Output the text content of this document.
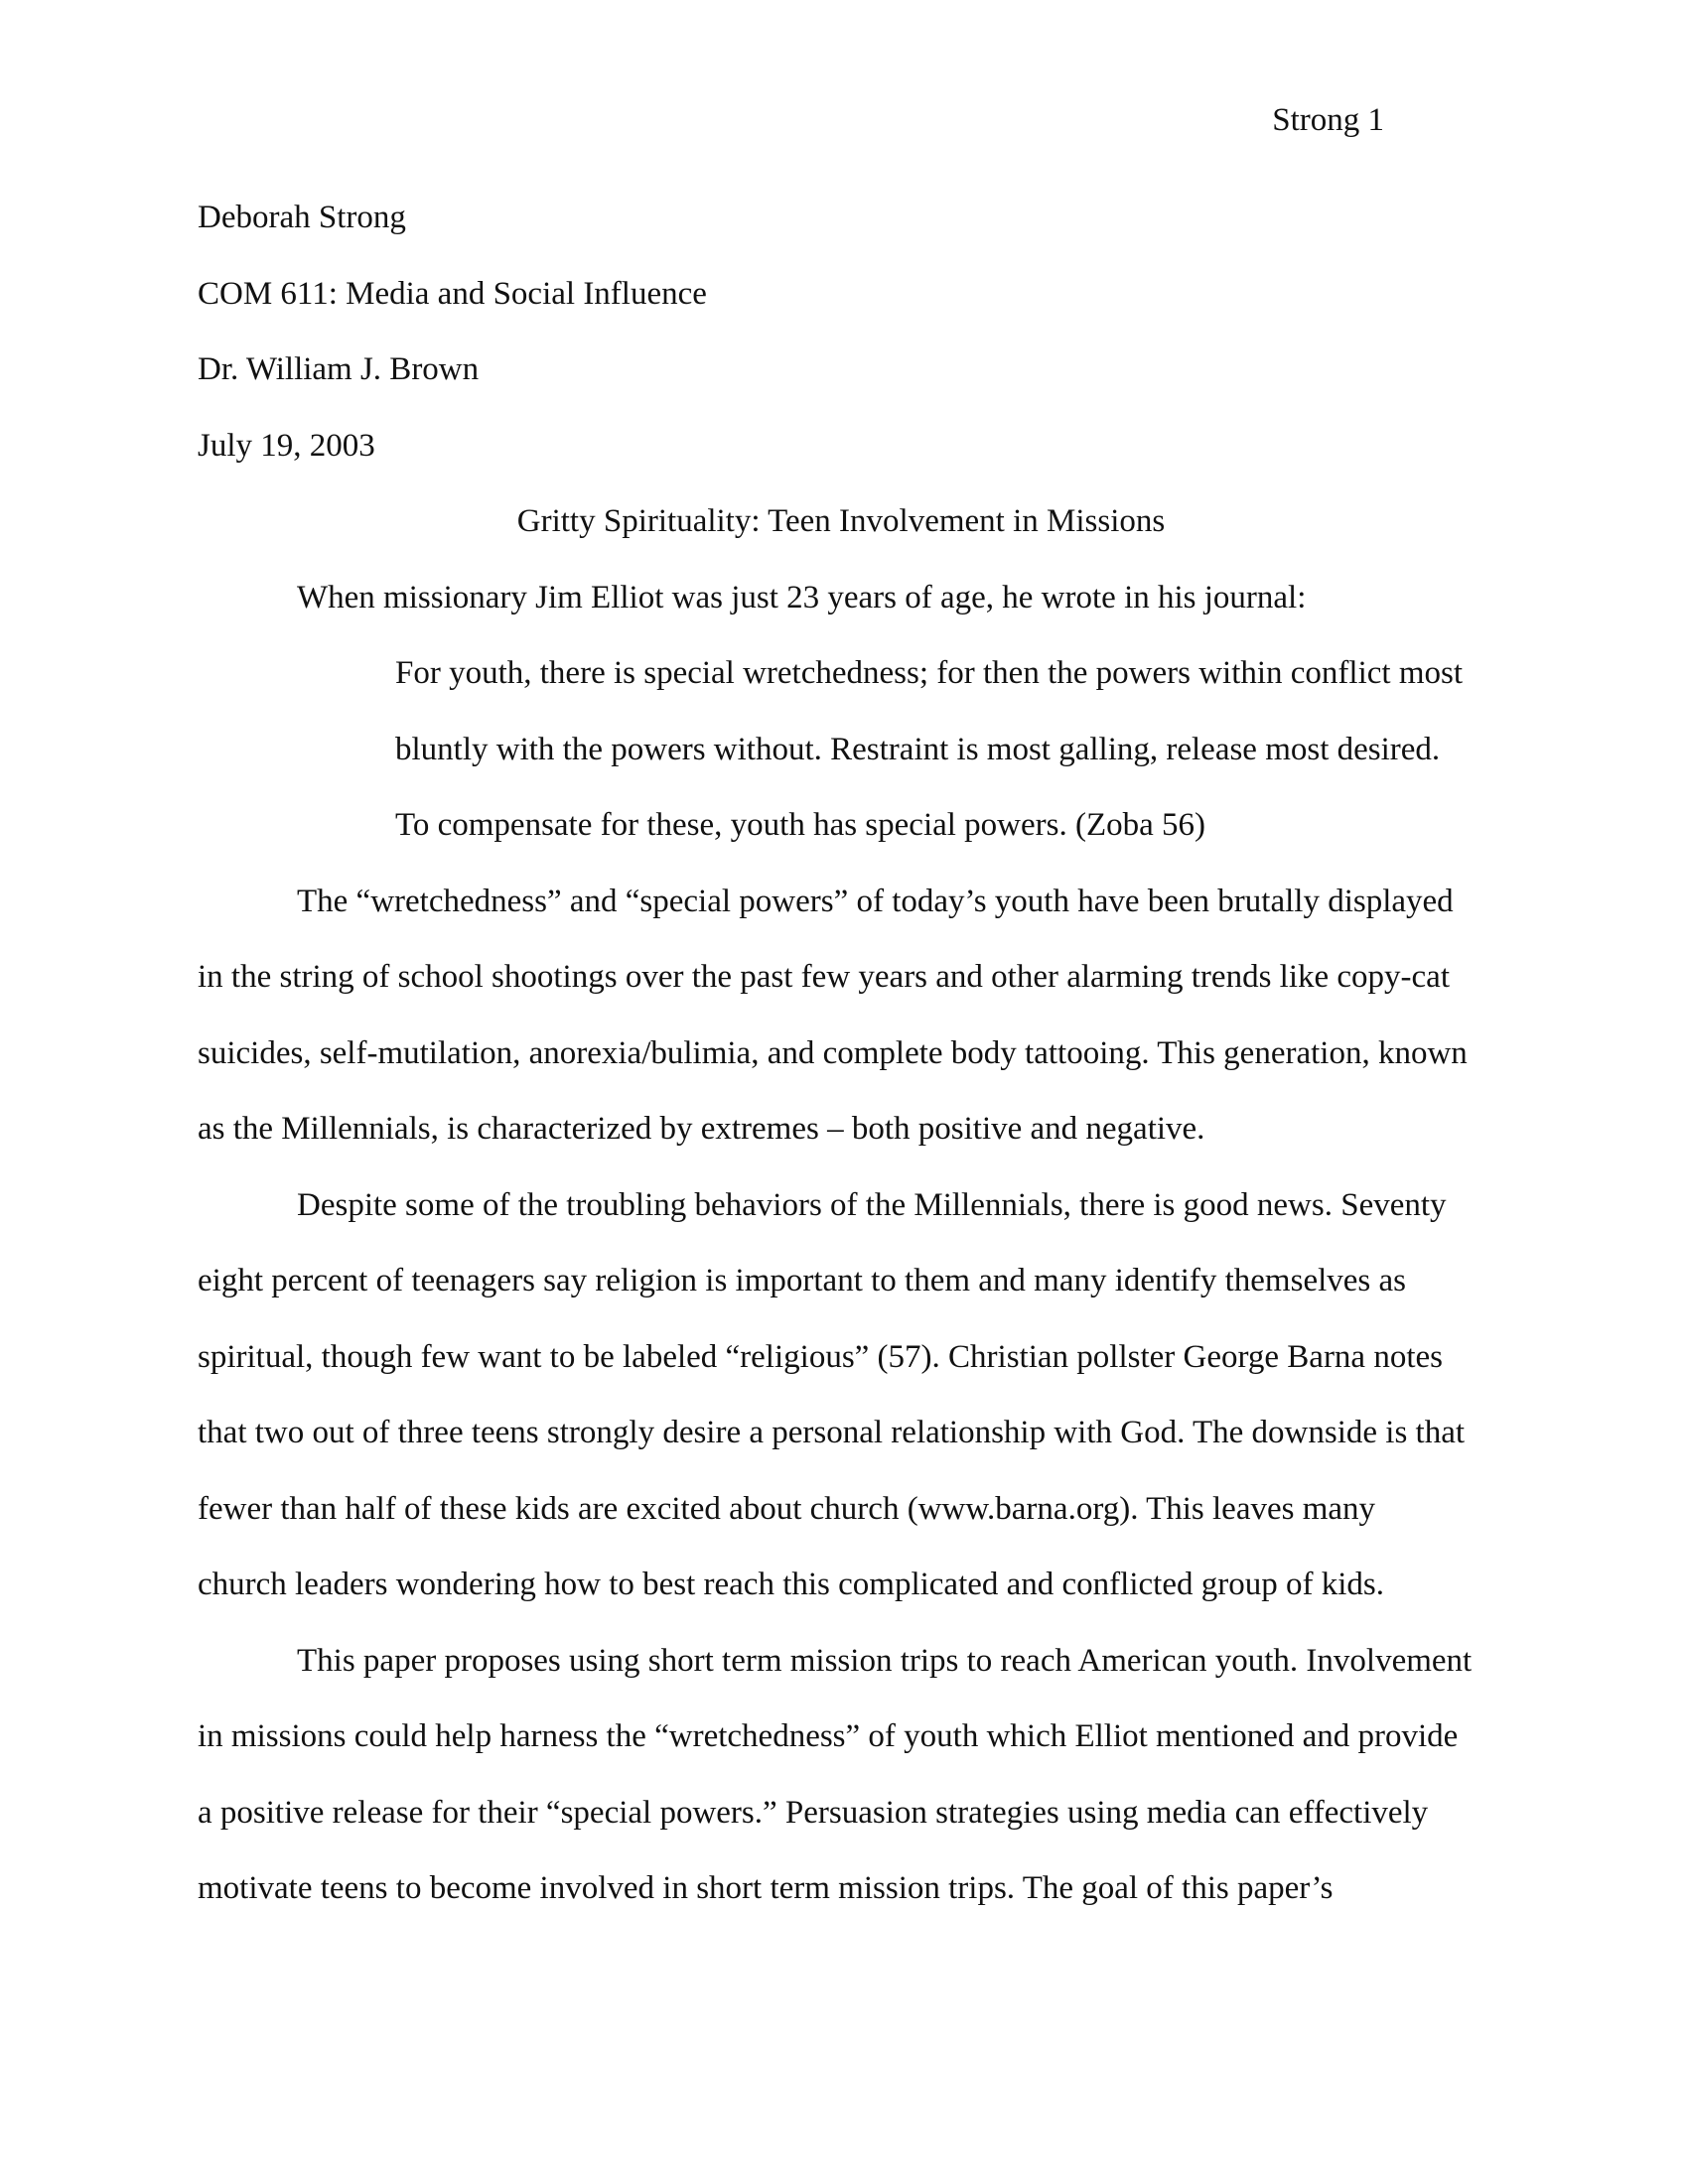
Strong 1
Deborah Strong
COM 611: Media and Social Influence
Dr. William J. Brown
July 19, 2003
Gritty Spirituality: Teen Involvement in Missions
When missionary Jim Elliot was just 23 years of age, he wrote in his journal:
For youth, there is special wretchedness; for then the powers within conflict most
bluntly with the powers without. Restraint is most galling, release most desired.
To compensate for these, youth has special powers. (Zoba 56)
The “wretchedness” and “special powers” of today’s youth have been brutally displayed
in the string of school shootings over the past few years and other alarming trends like copy-cat
suicides, self-mutilation, anorexia/bulimia, and complete body tattooing. This generation, known
as the Millennials, is characterized by extremes – both positive and negative.
Despite some of the troubling behaviors of the Millennials, there is good news. Seventy
eight percent of teenagers say religion is important to them and many identify themselves as
spiritual, though few want to be labeled “religious” (57). Christian pollster George Barna notes
that two out of three teens strongly desire a personal relationship with God. The downside is that
fewer than half of these kids are excited about church (www.barna.org). This leaves many
church leaders wondering how to best reach this complicated and conflicted group of kids.
This paper proposes using short term mission trips to reach American youth. Involvement
in missions could help harness the “wretchedness” of youth which Elliot mentioned and provide
a positive release for their “special powers.” Persuasion strategies using media can effectively
motivate teens to become involved in short term mission trips. The goal of this paper’s
